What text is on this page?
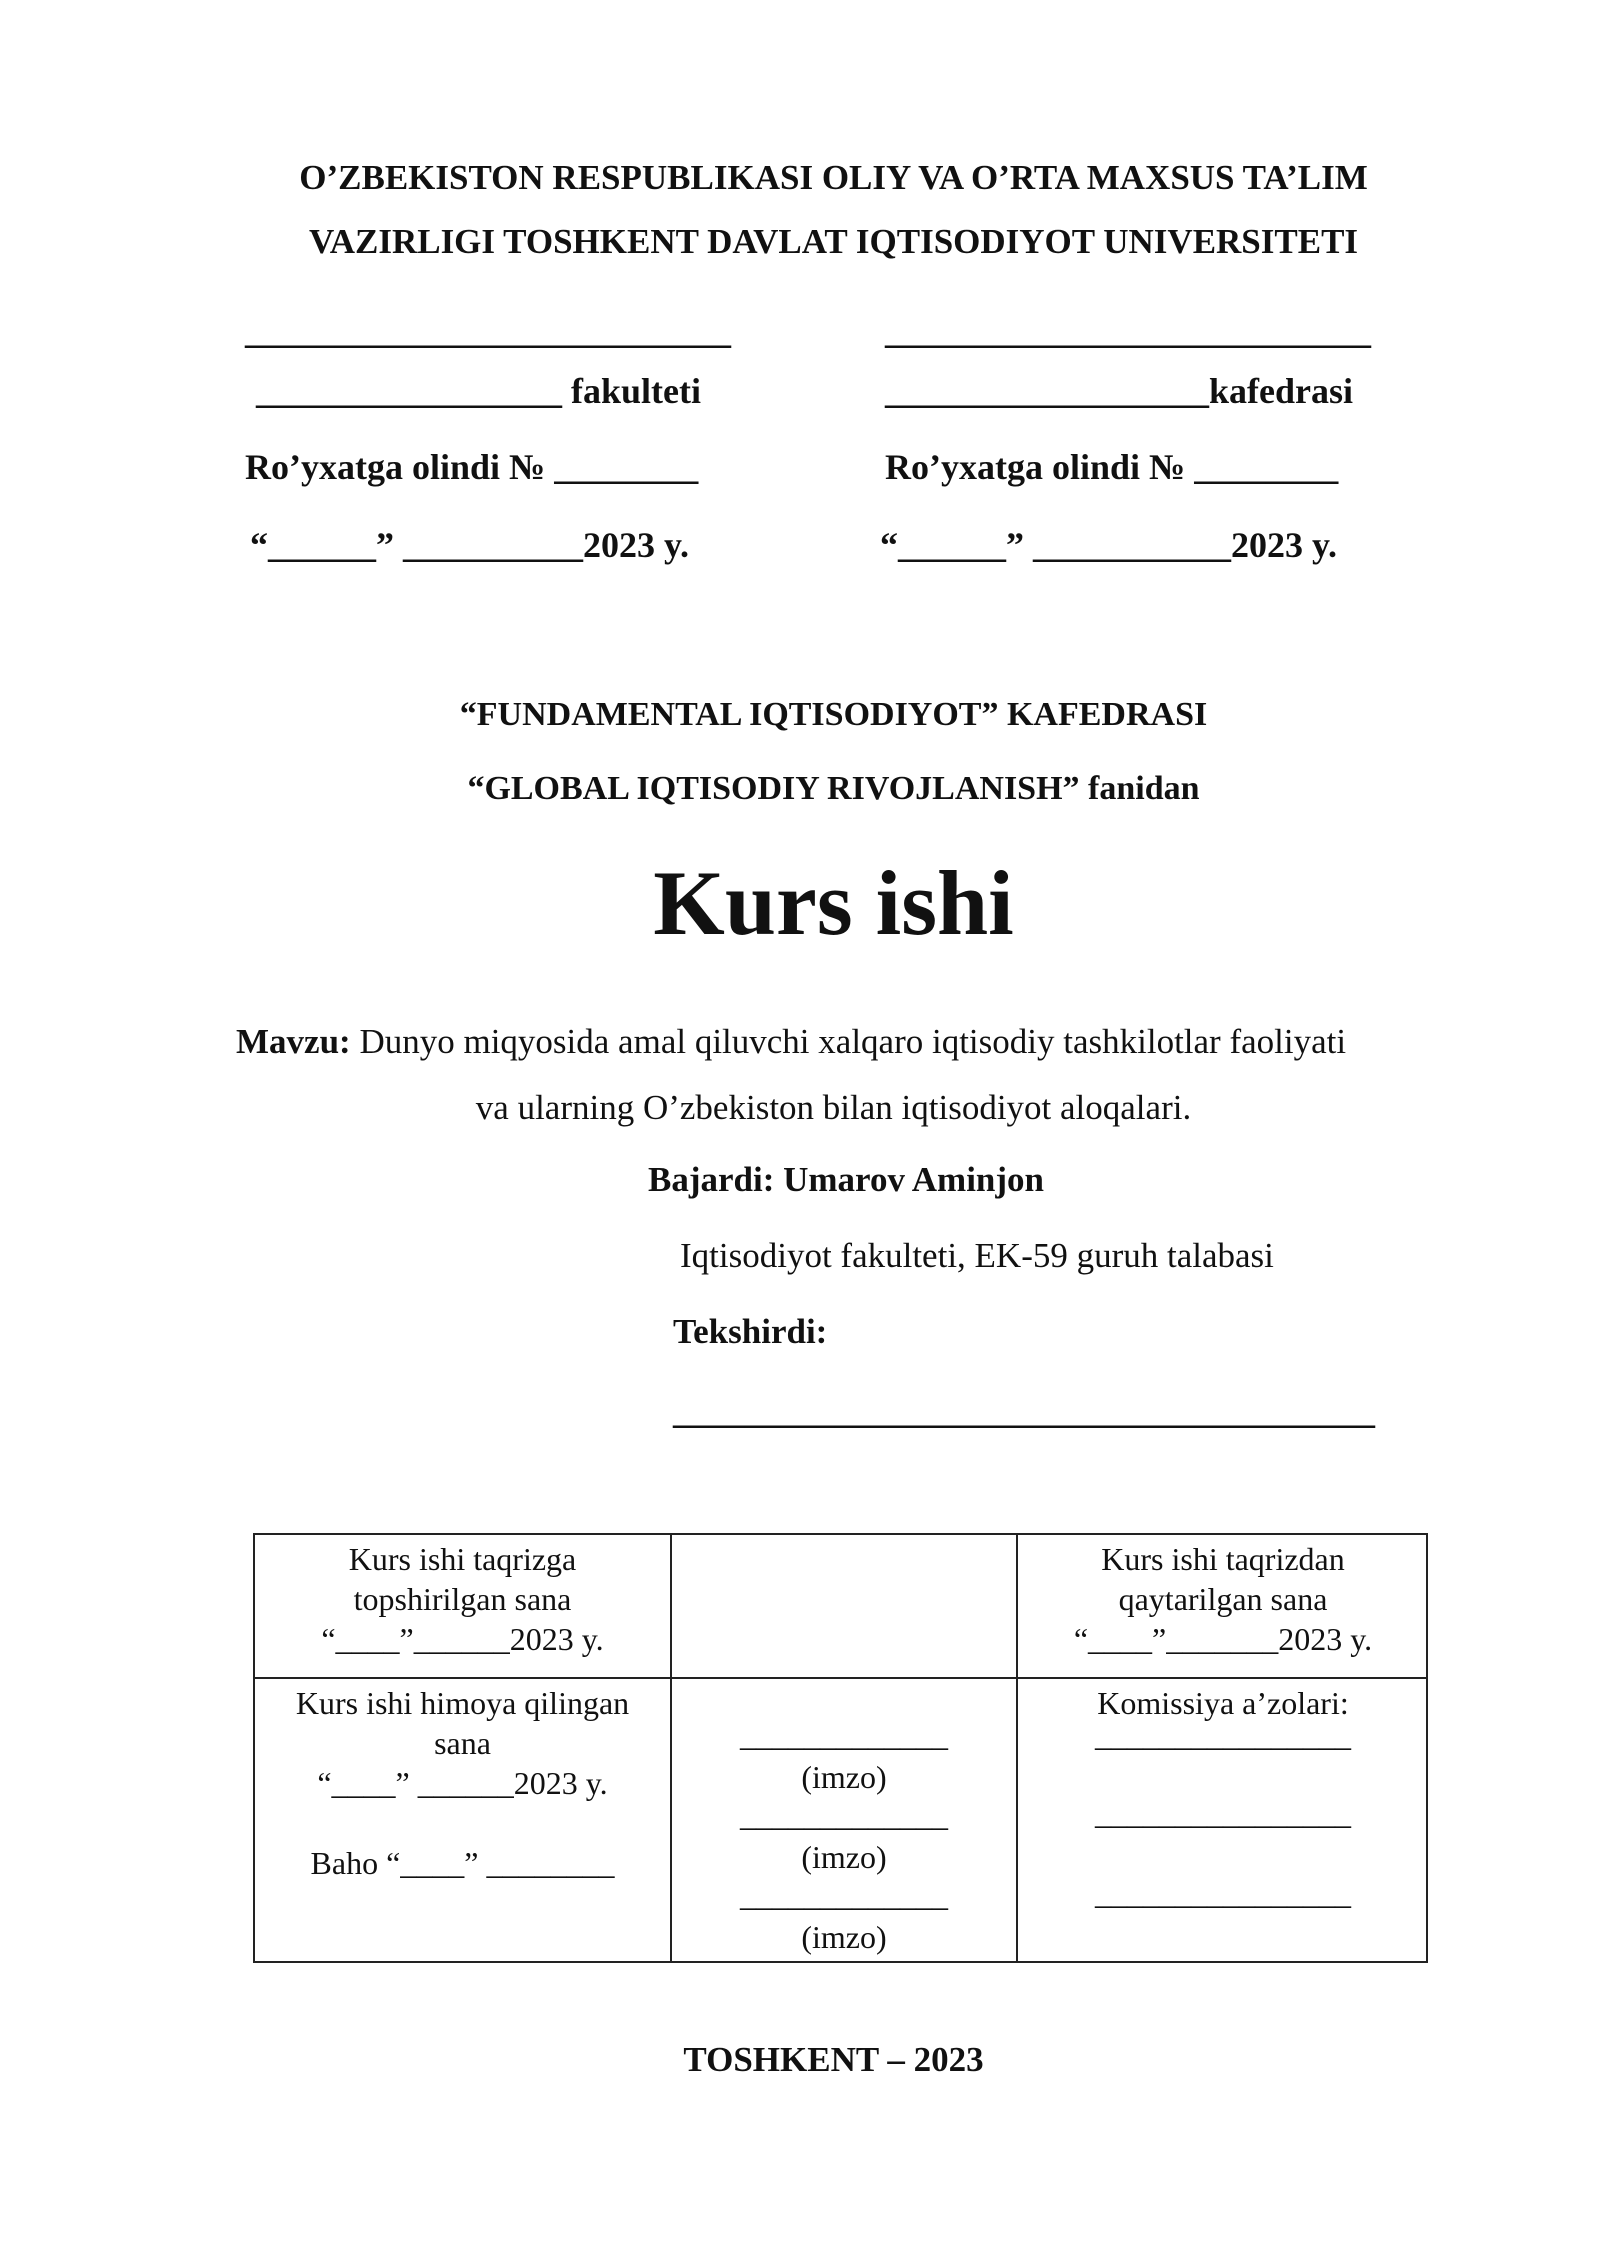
O’ZBEKISTON RESPUBLIKASI OLIY VA O’RTA MAXSUS TA’LIM
VAZIRLIGI TOSHKENT DAVLAT IQTISODIYOT UNIVERSITETI
___________________________
_________________ fakulteti
Ro’yxatga olindi № ________
“______” __________2023 y.
___________________________
__________________kafedrasi
Ro’yxatga olindi № ________
“______” ___________2023 y.
“FUNDAMENTAL IQTISODIYOT” KAFEDRASI
“GLOBAL IQTISODIY RIVOJLANISH” fanidan
Kurs ishi
Mavzu: Dunyo miqyosida amal qiluvchi xalqaro iqtisodiy tashkilotlar faoliyati
va ularning O’zbekiston bilan iqtisodiyot aloqalari.
Bajardi: Umarov Aminjon
Iqtisodiyot fakulteti, EK-59 guruh talabasi
Tekshirdi:
_______________________________________
Kurs ishi taqrizga
topshirilgan sana
“____”______2023 y.
Kurs ishi taqrizdan
qaytarilgan sana
“____”_______2023 y.
Kurs ishi himoya qilingan
sana
“____” ______2023 y.
Baho “____” ________
_____________
(imzo)
_____________
(imzo)
_____________
(imzo)
Komissiya a’zolari:
________________
________________
________________
TOSHKENT – 2023
